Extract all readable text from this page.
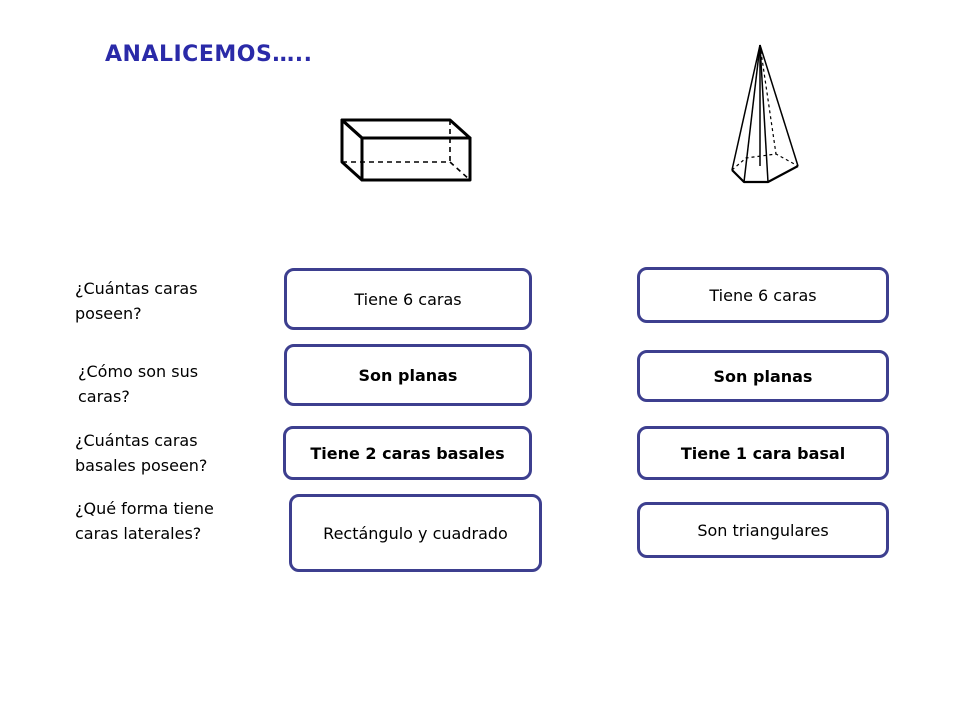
ANALICEMOS…..
¿Cuántas caras
poseen?
¿Cómo son sus
caras?
¿Cuántas caras
basales poseen?
¿Qué forma tiene
caras laterales?
Tiene 6 caras
Son planas
Tiene 2 caras basales
Rectángulo y cuadrado
Tiene 6 caras
Son planas
Tiene 1 cara basal
Son triangulares
